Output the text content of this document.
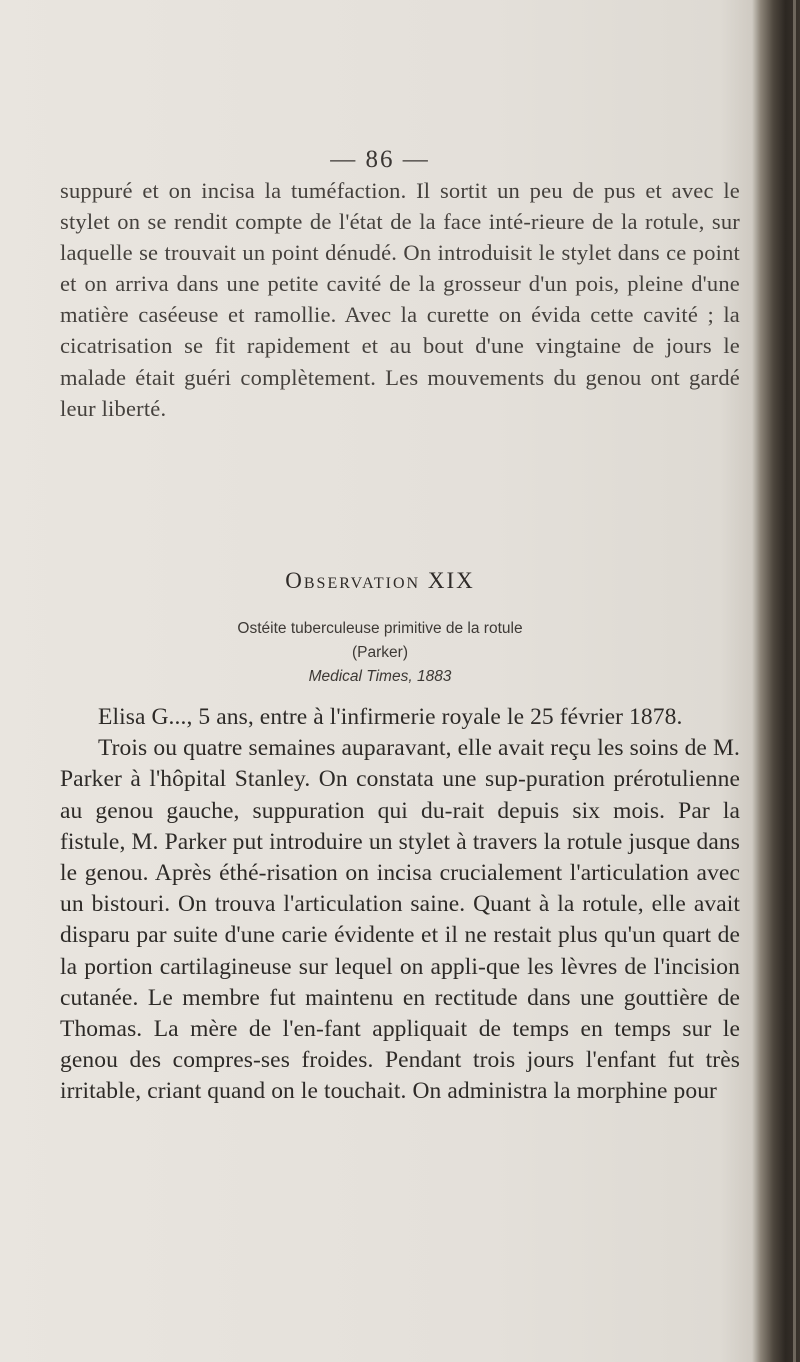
— 86 —

suppuré et on incisa la tuméfaction. Il sortit un peu de pus et avec le stylet on se rendit compte de l'état de la face inté-rieure de la rotule, sur laquelle se trouvait un point dénudé. On introduisit le stylet dans ce point et on arriva dans une petite cavité de la grosseur d'un pois, pleine d'une matière caséeuse et ramollie. Avec la curette on évida cette cavité ; la cicatrisation se fit rapidement et au bout d'une vingtaine de jours le malade était guéri complètement. Les mouvements du genou ont gardé leur liberté.

Observation XIX

Ostéite tuberculeuse primitive de la rotule

(Parker)

Medical Times, 1883

Elisa G..., 5 ans, entre à l'infirmerie royale le 25 février 1878.

Trois ou quatre semaines auparavant, elle avait reçu les soins de M. Parker à l'hôpital Stanley. On constata une sup-puration prérotulienne au genou gauche, suppuration qui du-rait depuis six mois. Par la fistule, M. Parker put introduire un stylet à travers la rotule jusque dans le genou. Après éthé-risation on incisa crucialement l'articulation avec un bistouri. On trouva l'articulation saine. Quant à la rotule, elle avait disparu par suite d'une carie évidente et il ne restait plus qu'un quart de la portion cartilagineuse sur lequel on appli-que les lèvres de l'incision cutanée. Le membre fut maintenu en rectitude dans une gouttière de Thomas. La mère de l'en-fant appliquait de temps en temps sur le genou des compres-ses froides. Pendant trois jours l'enfant fut très irritable, criant quand on le touchait. On administra la morphine pour
